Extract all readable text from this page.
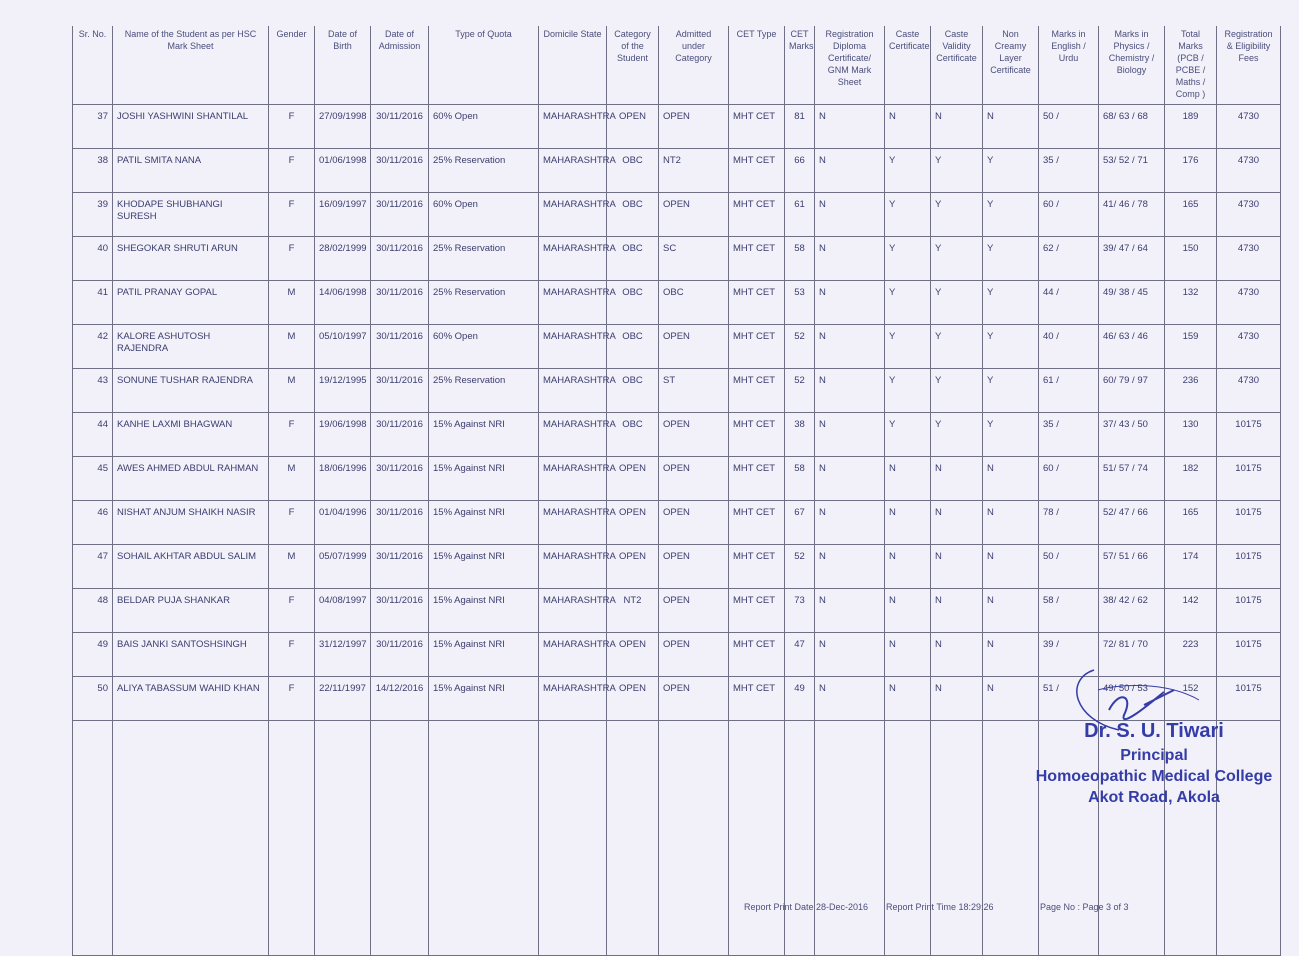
Sr. No.	Name of the Student as per HSC Mark Sheet	Gender	Date of Birth	Date of Admission	Type of Quota	Domicile State	Category of the Student	Admitted under Category	CET Type	CET Marks	Registration Diploma Certificate/ GNM Mark Sheet	Caste Certificate	Caste Validity Certificate	Non Creamy Layer Certificate	Marks in English / Urdu	Marks in Physics / Chemistry / Biology	Total Marks (PCB / PCBE / Maths / Comp )	Registration & Eligibility Fees
37	JOSHI YASHWINI SHANTILAL	F	27/09/1998	30/11/2016	60% Open	MAHARASHTRA	OPEN	OPEN	MHT CET	81	N	N	N	N	50 /	68/ 63 / 68	189	4730
38	PATIL SMITA NANA	F	01/06/1998	30/11/2016	25% Reservation	MAHARASHTRA	OBC	NT2	MHT CET	66	N	Y	Y	Y	35 /	53/ 52 / 71	176	4730
39	KHODAPE SHUBHANGI SURESH	F	16/09/1997	30/11/2016	60% Open	MAHARASHTRA	OBC	OPEN	MHT CET	61	N	Y	Y	Y	60 /	41/ 46 / 78	165	4730
40	SHEGOKAR SHRUTI ARUN	F	28/02/1999	30/11/2016	25% Reservation	MAHARASHTRA	OBC	SC	MHT CET	58	N	Y	Y	Y	62 /	39/ 47 / 64	150	4730
41	PATIL PRANAY GOPAL	M	14/06/1998	30/11/2016	25% Reservation	MAHARASHTRA	OBC	OBC	MHT CET	53	N	Y	Y	Y	44 /	49/ 38 / 45	132	4730
42	KALORE ASHUTOSH RAJENDRA	M	05/10/1997	30/11/2016	60% Open	MAHARASHTRA	OBC	OPEN	MHT CET	52	N	Y	Y	Y	40 /	46/ 63 / 46	159	4730
43	SONUNE TUSHAR RAJENDRA	M	19/12/1995	30/11/2016	25% Reservation	MAHARASHTRA	OBC	ST	MHT CET	52	N	Y	Y	Y	61 /	60/ 79 / 97	236	4730
44	KANHE LAXMI BHAGWAN	F	19/06/1998	30/11/2016	15% Against NRI	MAHARASHTRA	OBC	OPEN	MHT CET	38	N	Y	Y	Y	35 /	37/ 43 / 50	130	10175
45	AWES AHMED ABDUL RAHMAN	M	18/06/1996	30/11/2016	15% Against NRI	MAHARASHTRA	OPEN	OPEN	MHT CET	58	N	N	N	N	60 /	51/ 57 / 74	182	10175
46	NISHAT ANJUM SHAIKH NASIR	F	01/04/1996	30/11/2016	15% Against NRI	MAHARASHTRA	OPEN	OPEN	MHT CET	67	N	N	N	N	78 /	52/ 47 / 66	165	10175
47	SOHAIL AKHTAR ABDUL SALIM	M	05/07/1999	30/11/2016	15% Against NRI	MAHARASHTRA	OPEN	OPEN	MHT CET	52	N	N	N	N	50 /	57/ 51 / 66	174	10175
48	BELDAR PUJA SHANKAR	F	04/08/1997	30/11/2016	15% Against NRI	MAHARASHTRA	NT2	OPEN	MHT CET	73	N	N	N	N	58 /	38/ 42 / 62	142	10175
49	BAIS JANKI SANTOSHSINGH	F	31/12/1997	30/11/2016	15% Against NRI	MAHARASHTRA	OPEN	OPEN	MHT CET	47	N	N	N	N	39 /	72/ 81 / 70	223	10175
50	ALIYA TABASSUM WAHID KHAN	F	22/11/1997	14/12/2016	15% Against NRI	MAHARASHTRA	OPEN	OPEN	MHT CET	49	N	N	N	N	51 /	49/ 50 / 53	152	10175

Dr. S. U. Tiwari
Principal
Homoeopathic Medical College
Akot Road, Akola
Report Print Date 28-Dec-2016 Report Print Time 18:29:26	Page No : Page 3 of 3
